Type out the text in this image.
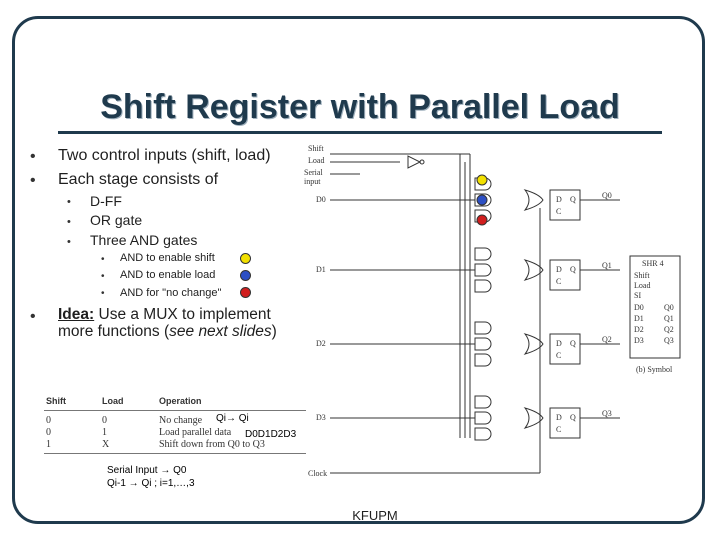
Shift Register with Parallel Load
• Two control inputs (shift, load)
• Each stage consists of
• D-FF
• OR gate
• Three AND gates
• AND to enable shift
• AND to enable load
• AND for "no change"
• Idea: Use a MUX to implement more functions (see next slides)
Shift	Load	Operation
0	0	No change
0	1	Load parallel data
1	X	Shift down from Q0 to Q3
Qi→ Qi
D0D1D2D3
Serial Input → Q0
Qi-1 → Qi ; i=1,…,3
Shift
Load
Serial
input
D0
D1
D2
D3
Q0
Q1
Q2
Q3
Clock
D Q
C
D Q
C
D Q
C
D Q
C
SHR 4
Shift
Load
SI
D0
D1
D2
D3
Q0
Q1
Q2
Q3
(b) Symbol
KFUPM
